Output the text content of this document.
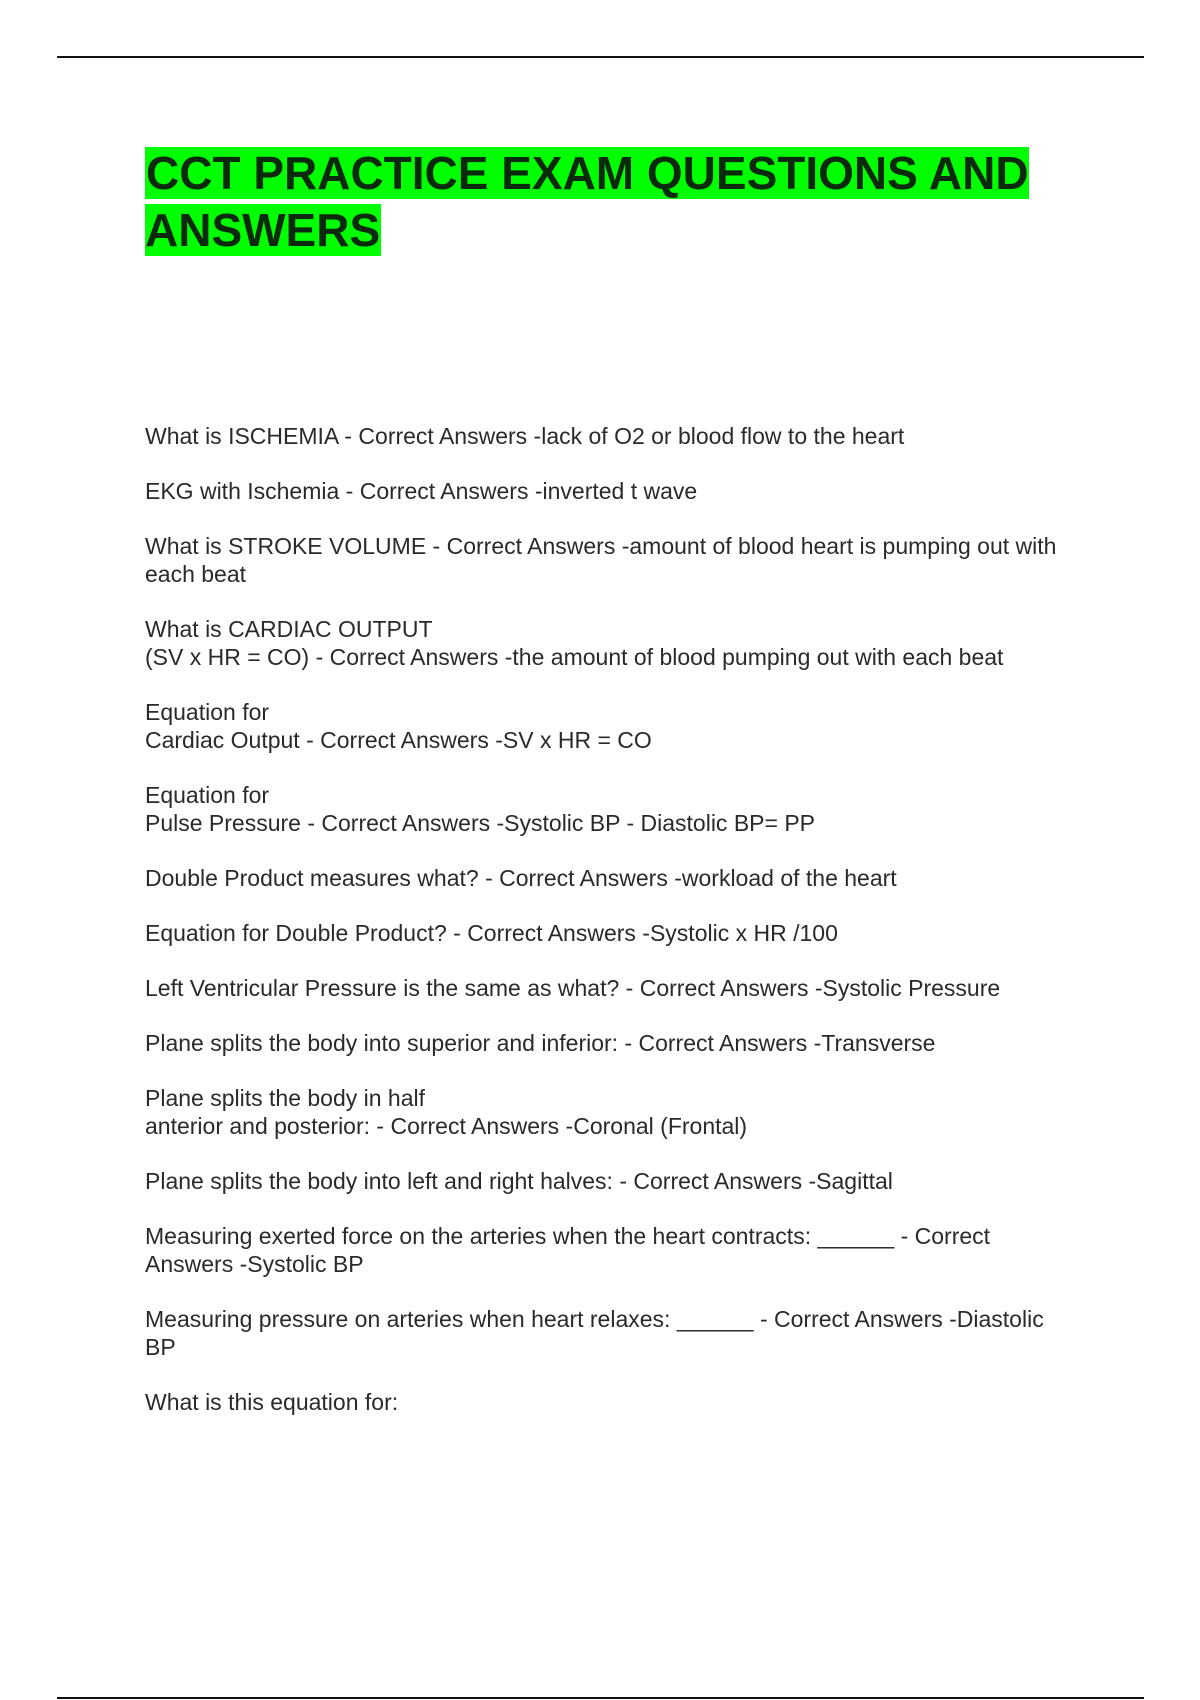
CCT PRACTICE EXAM QUESTIONS AND ANSWERS
What is ISCHEMIA - Correct Answers -lack of O2 or blood flow to the heart
EKG with Ischemia - Correct Answers -inverted t wave
What is STROKE VOLUME - Correct Answers -amount of blood heart is pumping out with each beat
What is CARDIAC OUTPUT
(SV x HR = CO) - Correct Answers -the amount of blood pumping out with each beat
Equation for
Cardiac Output - Correct Answers -SV x HR = CO
Equation for
Pulse Pressure - Correct Answers -Systolic BP - Diastolic BP= PP
Double Product measures what? - Correct Answers -workload of the heart
Equation for Double Product? - Correct Answers -Systolic x HR /100
Left Ventricular Pressure is the same as what? - Correct Answers -Systolic Pressure
Plane splits the body into superior and inferior: - Correct Answers -Transverse
Plane splits the body in half
anterior and posterior: - Correct Answers -Coronal (Frontal)
Plane splits the body into left and right halves: - Correct Answers -Sagittal
Measuring exerted force on the arteries when the heart contracts: ______ - Correct Answers -Systolic BP
Measuring pressure on arteries when heart relaxes: ______ - Correct Answers -Diastolic BP
What is this equation for:
